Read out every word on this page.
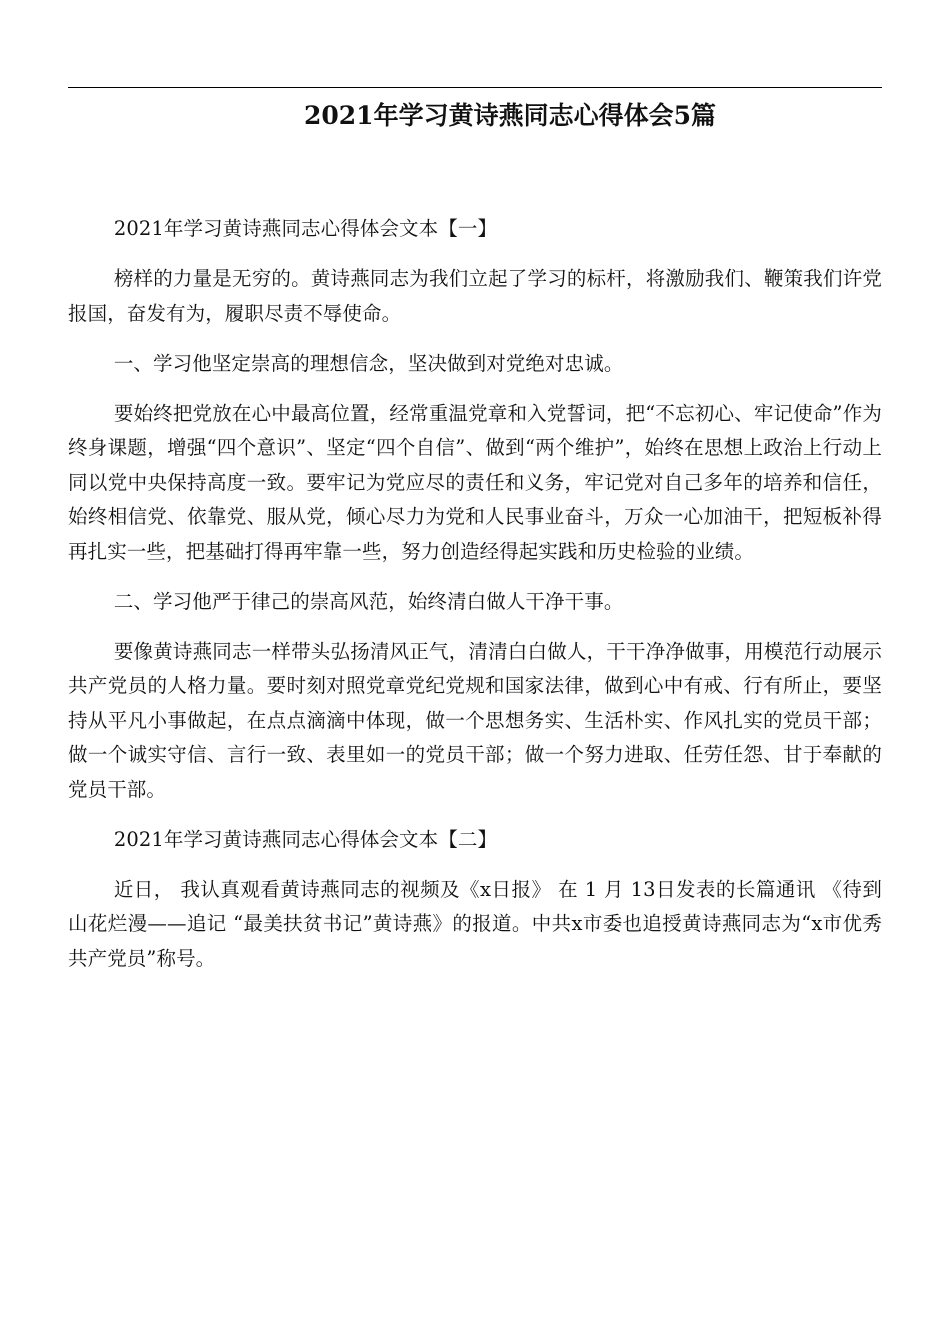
2021年学习黄诗燕同志心得体会5篇

2021年学习黄诗燕同志心得体会文本【一】

榜样的力量是无穷的。黄诗燕同志为我们立起了学习的标杆，将激励我们、鞭策我们许党报国，奋发有为，履职尽责不辱使命。

一、学习他坚定崇高的理想信念，坚决做到对党绝对忠诚。

要始终把党放在心中最高位置，经常重温党章和入党誓词，把“不忘初心、牢记使命”作为终身课题，增强“四个意识”、坚定“四个自信”、做到“两个维护”，始终在思想上政治上行动上同以党中央保持高度一致。要牢记为党应尽的责任和义务，牢记党对自己多年的培养和信任，始终相信党、依靠党、服从党，倾心尽力为党和人民事业奋斗，万众一心加油干，把短板补得再扎实一些，把基础打得再牢靠一些，努力创造经得起实践和历史检验的业绩。

二、学习他严于律己的崇高风范，始终清白做人干净干事。

要像黄诗燕同志一样带头弘扬清风正气，清清白白做人，干干净净做事，用模范行动展示共产党员的人格力量。要时刻对照党章党纪党规和国家法律，做到心中有戒、行有所止，要坚持从平凡小事做起，在点点滴滴中体现，做一个思想务实、生活朴实、作风扎实的党员干部；做一个诚实守信、言行一致、表里如一的党员干部；做一个努力进取、任劳任怨、甘于奉献的党员干部。

2021年学习黄诗燕同志心得体会文本【二】

近日， 我认真观看黄诗燕同志的视频及《x日报》 在 1 月 13日发表的长篇通讯 《待到山花烂漫——追记 “最美扶贫书记”黄诗燕》的报道。中共x市委也追授黄诗燕同志为“x市优秀共产党员”称号。
